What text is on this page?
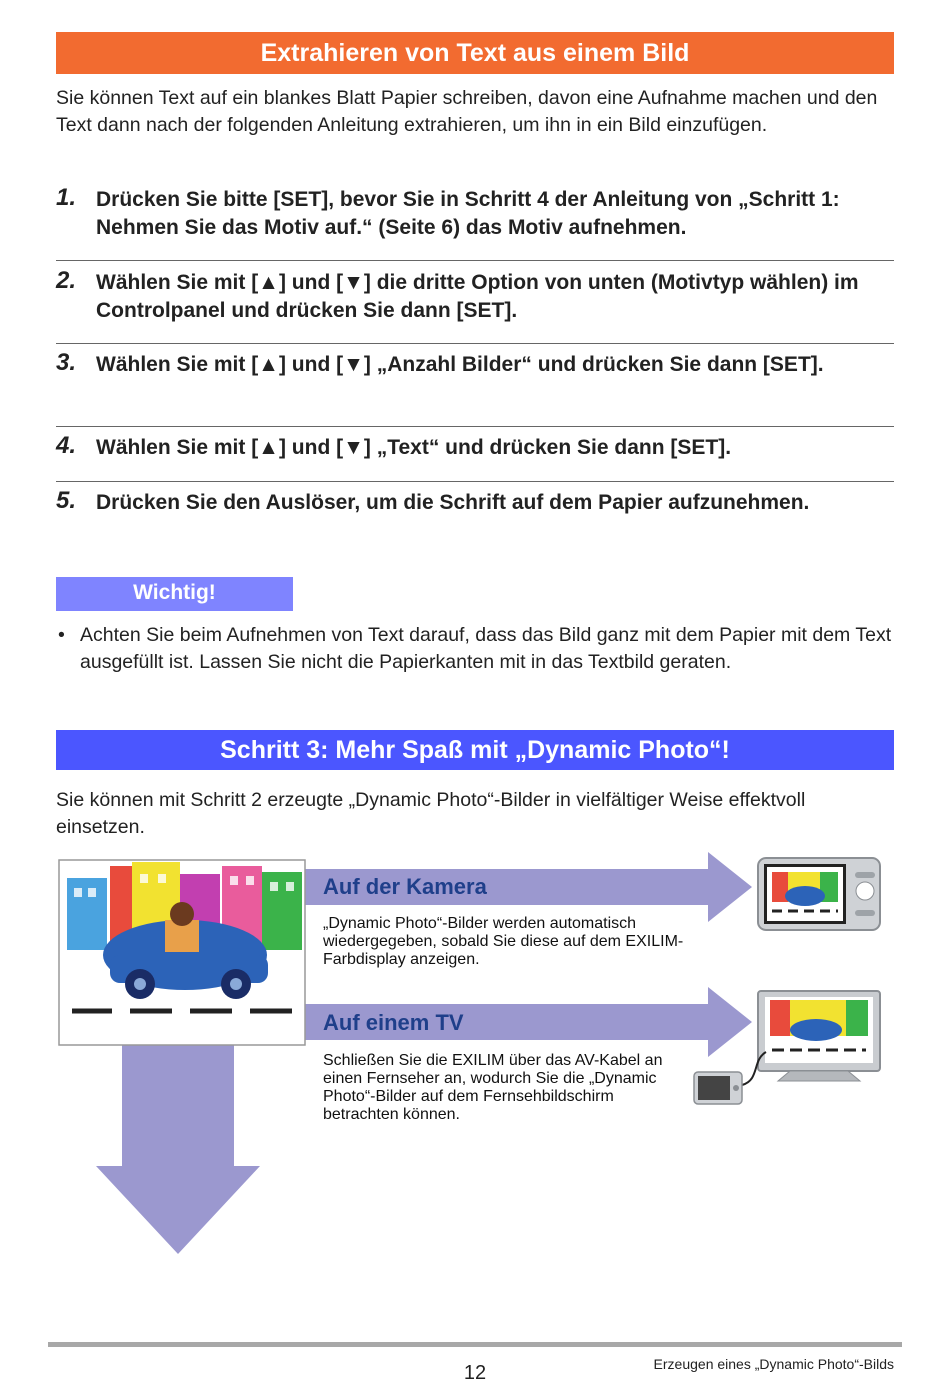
Extrahieren von Text aus einem Bild
Sie können Text auf ein blankes Blatt Papier schreiben, davon eine Aufnahme machen und den Text dann nach der folgenden Anleitung extrahieren, um ihn in ein Bild einzufügen.
1. Drücken Sie bitte [SET], bevor Sie in Schritt 4 der Anleitung von „Schritt 1: Nehmen Sie das Motiv auf.“ (Seite 6) das Motiv aufnehmen.
2. Wählen Sie mit [▲] und [▼] die dritte Option von unten (Motivtyp wählen) im Controlpanel und drücken Sie dann [SET].
3. Wählen Sie mit [▲] und [▼] „Anzahl Bilder“ und drücken Sie dann [SET].
4. Wählen Sie mit [▲] und [▼] „Text“ und drücken Sie dann [SET].
5. Drücken Sie den Auslöser, um die Schrift auf dem Papier aufzunehmen.
Wichtig!
• Achten Sie beim Aufnehmen von Text darauf, dass das Bild ganz mit dem Papier mit dem Text ausgefüllt ist. Lassen Sie nicht die Papierkanten mit in das Textbild geraten.
Schritt 3: Mehr Spaß mit „Dynamic Photo“!
Sie können mit Schritt 2 erzeugte „Dynamic Photo“-Bilder in vielfältiger Weise effektvoll einsetzen.
Auf der Kamera
„Dynamic Photo“-Bilder werden automatisch wiedergegeben, sobald Sie diese auf dem EXILIM-Farbdisplay anzeigen.
Auf einem TV
Schließen Sie die EXILIM über das AV-Kabel an einen Fernseher an, wodurch Sie die „Dynamic Photo“-Bilder auf dem Fernsehbildschirm betrachten können.
12	Erzeugen eines „Dynamic Photo“-Bilds
